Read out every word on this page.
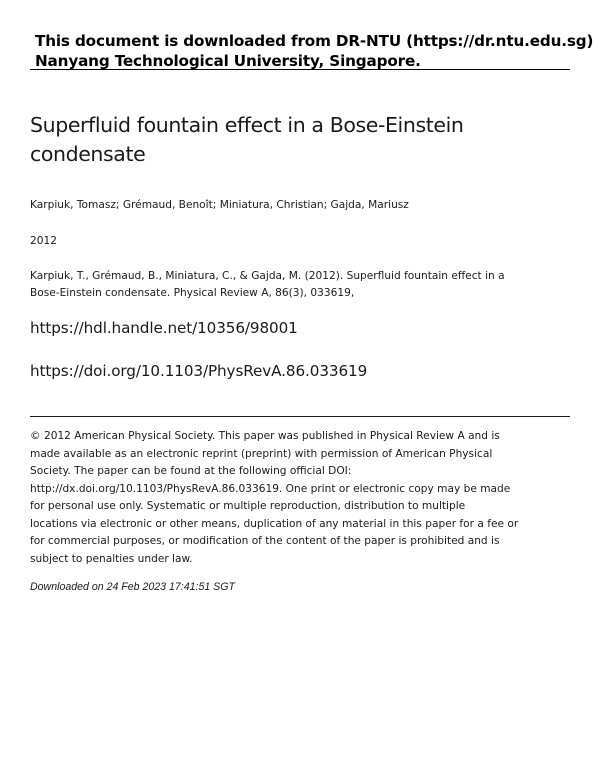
This document is downloaded from DR-NTU (https://dr.ntu.edu.sg)
Nanyang Technological University, Singapore.
Superfluid fountain effect in a Bose-Einstein
condensate
Karpiuk, Tomasz; Grémaud, Benoît; Miniatura, Christian; Gajda, Mariusz
2012
Karpiuk, T., Grémaud, B., Miniatura, C., & Gajda, M. (2012). Superfluid fountain effect in a
Bose-Einstein condensate. Physical Review A, 86(3), 033619,
https://hdl.handle.net/10356/98001
https://doi.org/10.1103/PhysRevA.86.033619
© 2012 American Physical Society. This paper was published in Physical Review A and is
made available as an electronic reprint (preprint) with permission of American Physical
Society. The paper can be found at the following official DOI:
http://dx.doi.org/10.1103/PhysRevA.86.033619. One print or electronic copy may be made
for personal use only. Systematic or multiple reproduction, distribution to multiple
locations via electronic or other means, duplication of any material in this paper for a fee or
for commercial purposes, or modification of the content of the paper is prohibited and is
subject to penalties under law.
Downloaded on 24 Feb 2023 17:41:51 SGT
